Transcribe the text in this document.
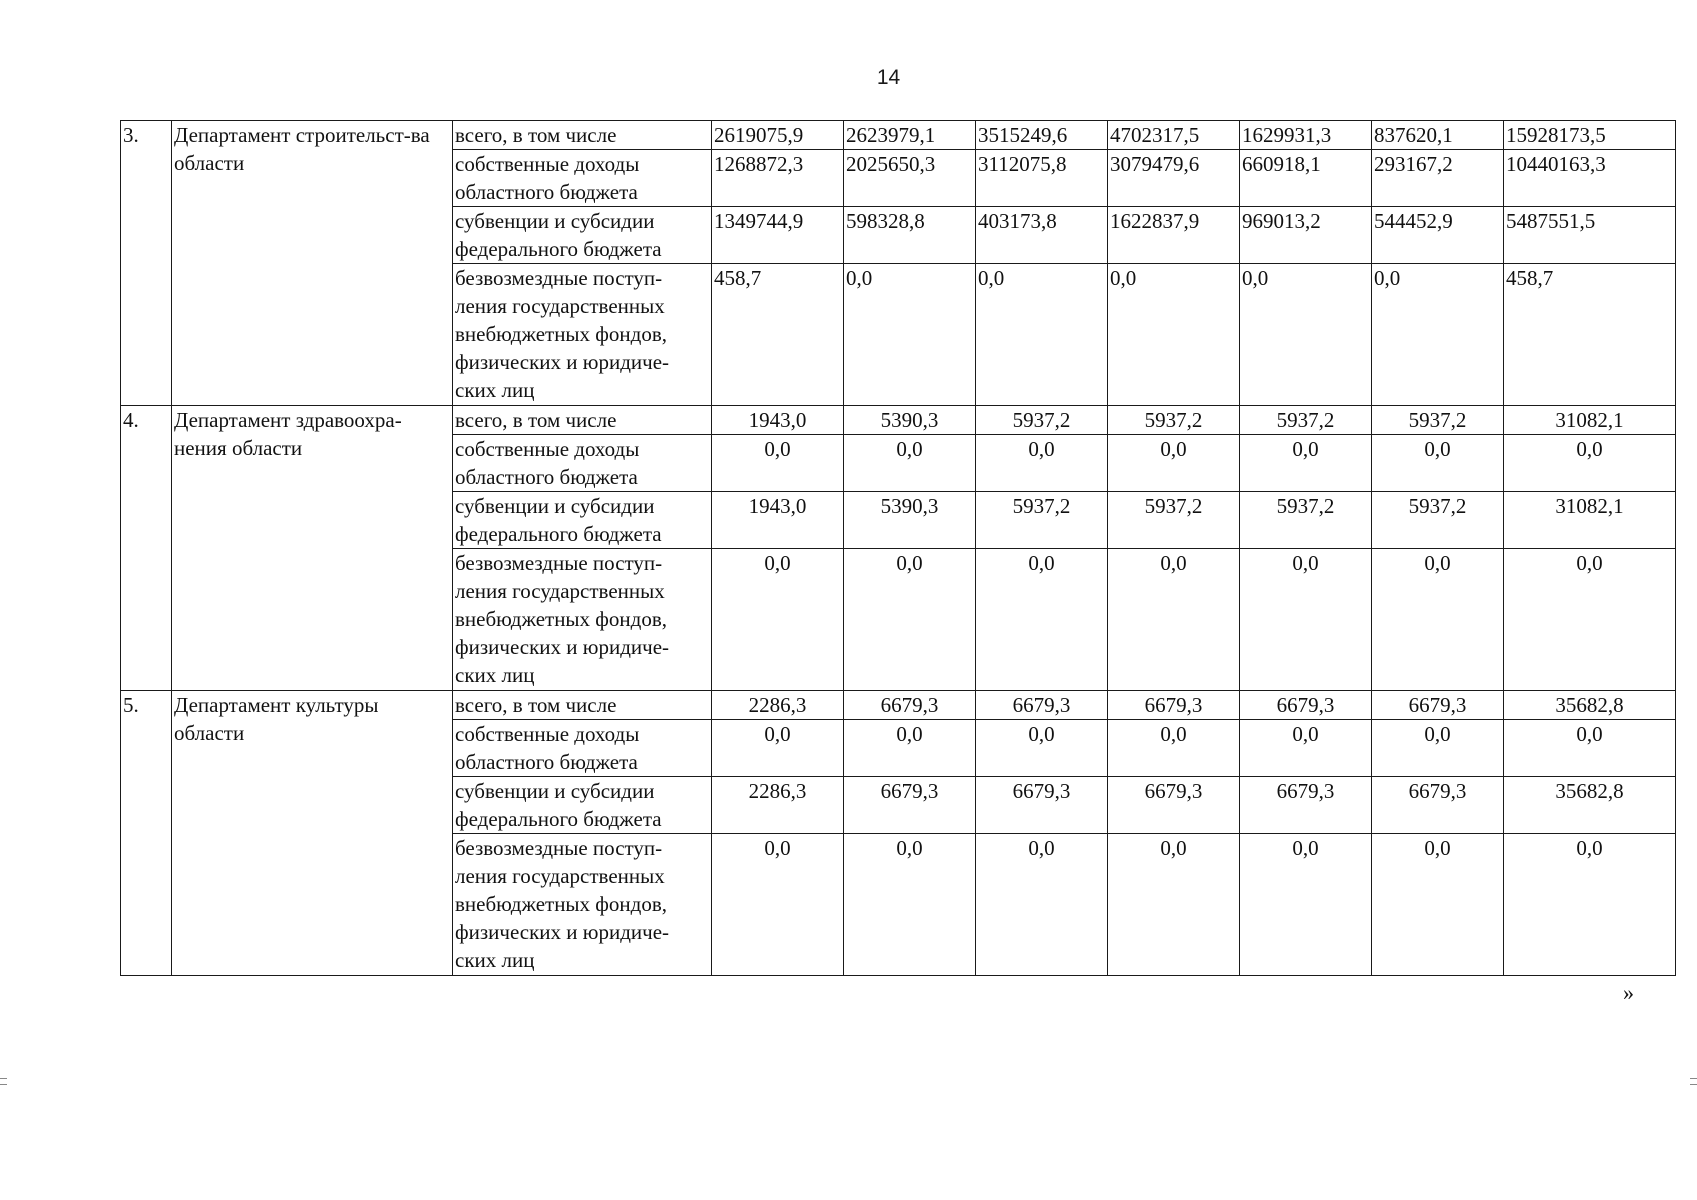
14
3.	Департамент строительст-ва области	всего, в том числе	2619075,9	2623979,1	3515249,6	4702317,5	1629931,3	837620,1	15928173,5
		собственные доходы областного бюджета	1268872,3	2025650,3	3112075,8	3079479,6	660918,1	293167,2	10440163,3
		субвенции и субсидии федерального бюджета	1349744,9	598328,8	403173,8	1622837,9	969013,2	544452,9	5487551,5
		безвозмездные поступ-ления государственных внебюджетных фондов, физических и юридиче-ских лиц	458,7	0,0	0,0	0,0	0,0	0,0	458,7
4.	Департамент здравоохра-нения области	всего, в том числе	1943,0	5390,3	5937,2	5937,2	5937,2	5937,2	31082,1
		собственные доходы областного бюджета	0,0	0,0	0,0	0,0	0,0	0,0	0,0
		субвенции и субсидии федерального бюджета	1943,0	5390,3	5937,2	5937,2	5937,2	5937,2	31082,1
		безвозмездные поступ-ления государственных внебюджетных фондов, физических и юридиче-ских лиц	0,0	0,0	0,0	0,0	0,0	0,0	0,0
5.	Департамент культуры области	всего, в том числе	2286,3	6679,3	6679,3	6679,3	6679,3	6679,3	35682,8
		собственные доходы областного бюджета	0,0	0,0	0,0	0,0	0,0	0,0	0,0
		субвенции и субсидии федерального бюджета	2286,3	6679,3	6679,3	6679,3	6679,3	6679,3	35682,8
		безвозмездные поступ-ления государственных внебюджетных фондов, физических и юридиче-ских лиц	0,0	0,0	0,0	0,0	0,0	0,0	0,0
»
